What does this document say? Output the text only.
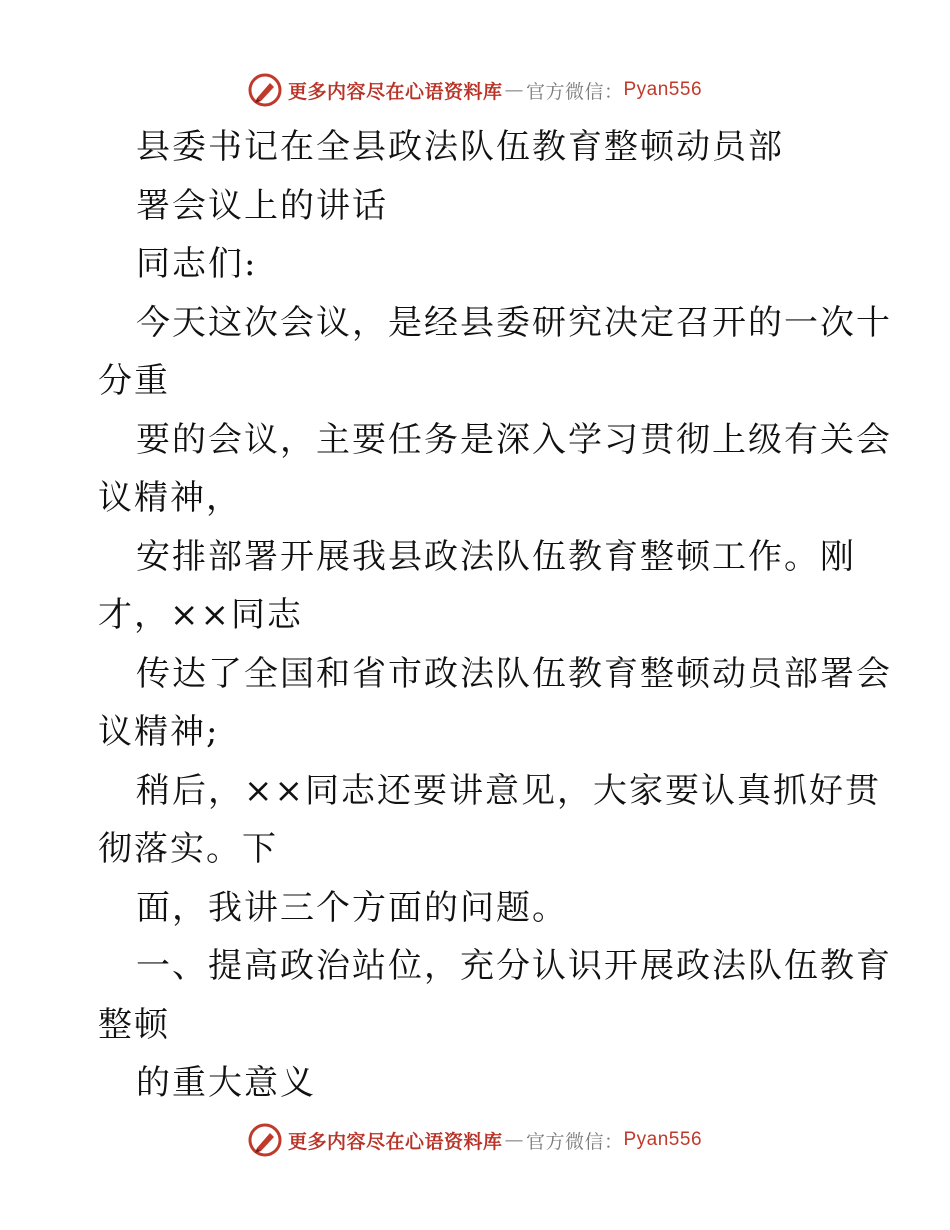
更多内容尽在心语资料库 — 官方微信： Pyan556
县委书记在全县政法队伍教育整顿动员部
署会议上的讲话
同志们:
今天这次会议，是经县委研究决定召开的一次十
分重
要的会议，主要任务是深入学习贯彻上级有关会
议精神，
安排部署开展我县政法队伍教育整顿工作。刚
才，××同志
传达了全国和省市政法队伍教育整顿动员部署会
议精神;
稍后，××同志还要讲意见，大家要认真抓好贯
彻落实。下
面，我讲三个方面的问题。
一、提高政治站位，充分认识开展政法队伍教育
整顿
的重大意义
更多内容尽在心语资料库 — 官方微信： Pyan556
